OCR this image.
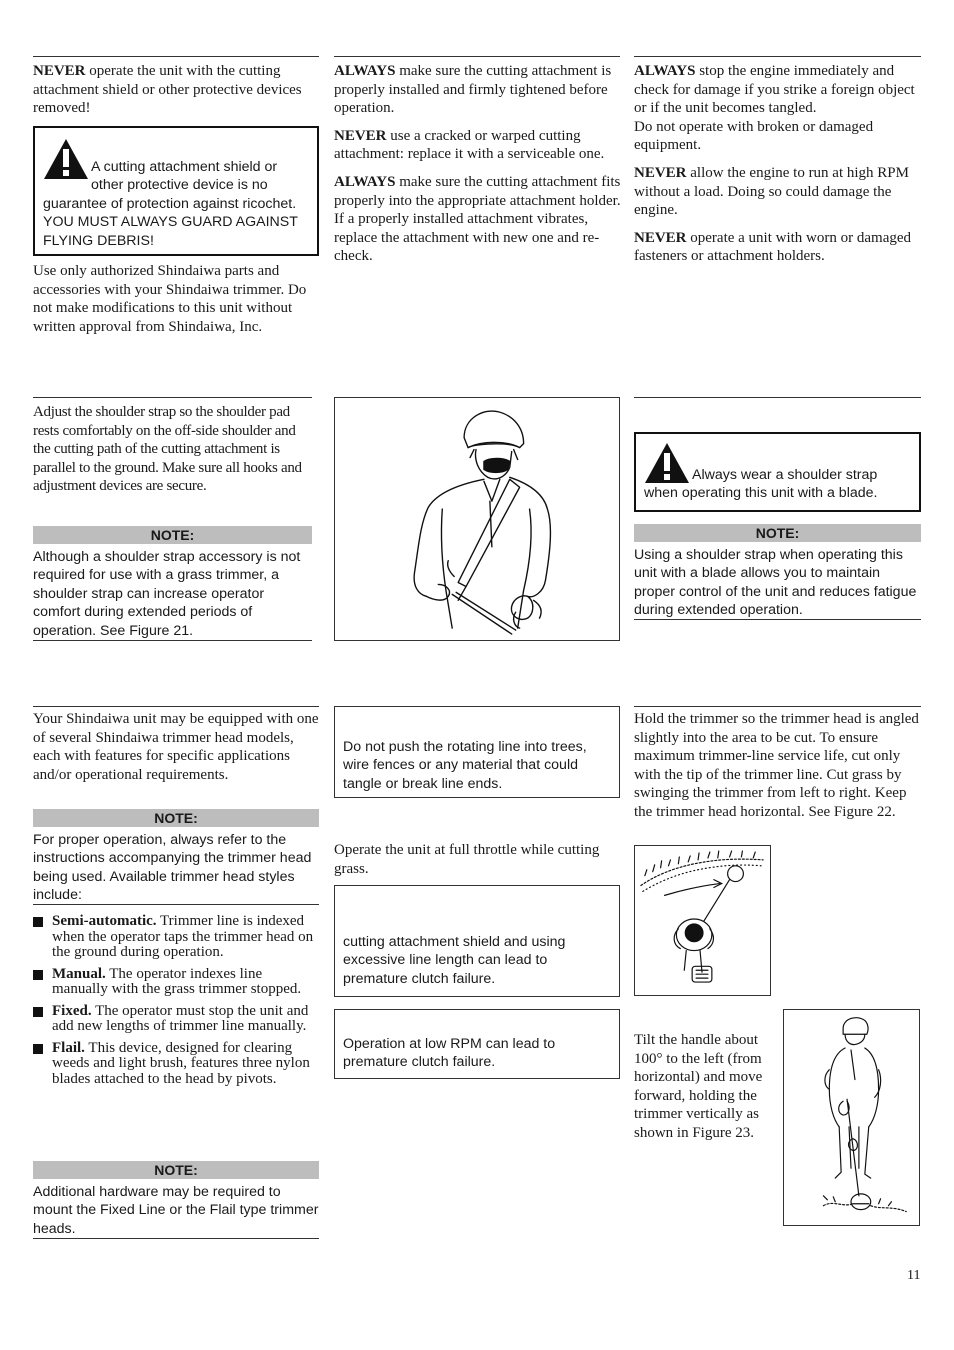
NEVER operate the unit with the cutting attachment shield or other protective devices removed!

A cutting attachment shield or other protective device is no guarantee of protection against ricochet. YOU MUST ALWAYS GUARD AGAINST FLYING DEBRIS!

Use only authorized Shindaiwa parts and accessories with your Shindaiwa trimmer. Do not make modifications to this unit without written approval from Shindaiwa, Inc.

ALWAYS make sure the cutting attachment is properly installed and firmly tightened before operation.

NEVER use a cracked or warped cutting attachment: replace it with a serviceable one.

ALWAYS make sure the cutting attachment fits properly into the appropriate attachment holder. If a properly installed attachment vibrates, replace the attachment with new one and re-check.

ALWAYS stop the engine immediately and check for damage if you strike a foreign object or if the unit becomes tangled.

Do not operate with broken or damaged equipment.

NEVER allow the engine to run at high RPM without a load. Doing so could damage the engine.

NEVER operate a unit with worn or damaged fasteners or attachment holders.

Adjust the shoulder strap so the shoulder pad rests comfortably on the off-side shoulder and the cutting path of the cutting attachment is parallel to the ground. Make sure all hooks and adjustment devices are secure.

NOTE:

Although a shoulder strap accessory is not required for use with a grass trimmer, a shoulder strap can increase operator comfort during extended periods of operation. See Figure 21.

Always wear a shoulder strap when operating this unit with a blade.
NOTE:

Using a shoulder strap when operating this unit with a blade allows you to maintain proper control of the unit and reduces fatigue during extended operation.

Your Shindaiwa unit may be equipped with one of several Shindaiwa trimmer head models, each with features for specific applications and/or operational requirements.

NOTE:

For proper operation, always refer to the instructions accompanying the trimmer head being used. Available trimmer head styles include:

Semi-automatic. Trimmer line is indexed when the operator taps the trimmer head on the ground during operation.
Manual. The operator indexes line manually with the grass trimmer stopped.
Fixed. The operator must stop the unit and add new lengths of trimmer line manually.
Flail. This device, designed for clearing weeds and light brush, features three nylon blades attached to the head by pivots.
NOTE:

Additional hardware may be required to mount the Fixed Line or the Flail type trimmer heads.

Do not push the rotating line into trees, wire fences or any material that could tangle or break line ends.

Operate the unit at full throttle while cutting grass.

cutting attachment shield and using excessive line length can lead to premature clutch failure.

Operation at low RPM can lead to premature clutch failure.

Hold the trimmer so the trimmer head is angled slightly into the area to be cut. To ensure maximum trimmer-line service life, cut only with the tip of the trimmer line. Cut grass by swinging the trimmer from left to right. Keep the trimmer head horizontal. See Figure 22.

Tilt the handle about 100° to the left (from horizontal) and move forward, holding the trimmer vertically as shown in Figure 23.

11
